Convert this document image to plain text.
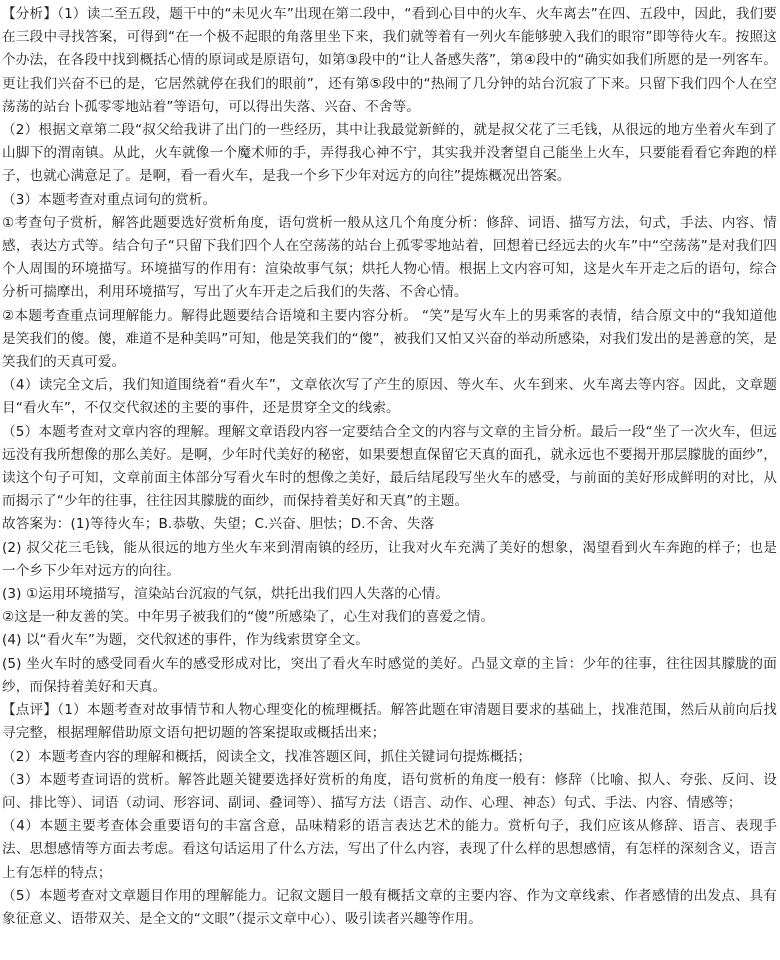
【分析】（1）读二至五段，题干中的“未见火车”出现在第二段中，“看到心目中的火车、火车离去”在四、五段中，因此，我们要在三段中寻找答案，可得到“在一个极不起眼的角落里坐下来，我们就等着有一列火车能够驶入我们的眼帘”即等待火车。按照这个办法，在各段中找到概括心情的原词或是原语句，如第③段中的“让人备感失落”，第④段中的“确实如我们所愿的是一列客车。更让我们兴奋不已的是，它居然就停在我们的眼前”，还有第⑤段中的“热闹了几分钟的站台沉寂了下来。只留下我们四个人在空荡荡的站台卜孤零零地站着”等语句，可以得出失落、兴奋、不舍等。

（2）根据文章第二段“叔父给我讲了出门的一些经历，其中让我最觉新鲜的，就是叔父花了三毛钱，从很远的地方坐着火车到了山脚下的渭南镇。从此，火车就像一个魔术师的手，弄得我心神不宁，其实我并没奢望自己能坐上火车，只要能看看它奔跑的样子，也就心满意足了。是啊，看一看火车，是我一个乡下少年对远方的向往”提炼概况出答案。

（3）本题考查对重点词句的赏析。

①考查句子赏析，解答此题要选好赏析角度，语句赏析一般从这几个角度分析：修辞、词语、描写方法，句式，手法、内容、情感，表达方式等。结合句子“只留下我们四个人在空荡荡的站台上孤零零地站着，回想着已经远去的火车”中“空荡荡”是对我们四个人周围的环境描写。环境描写的作用有：渲染故事气氛；烘托人物心情。根据上文内容可知，这是火车开走之后的语句，综合分析可揣摩出，利用环境描写，写出了火车开走之后我们的失落、不舍心情。

②本题考查重点词理解能力。解得此题要结合语境和主要内容分析。 “笑”是写火车上的男乘客的表情，结合原文中的“我知道他是笑我们的傻。傻，难道不是种美吗”可知，他是笑我们的“傻”，被我们又怕又兴奋的举动所感染，对我们发出的是善意的笑，是笑我们的天真可爱。

（4）读完全文后，我们知道围绕着“看火车”，文章依次写了产生的原因、等火车、火车到来、火车离去等内容。因此，文章题目“看火车”，不仅交代叙述的主要的事件，还是贯穿全文的线索。

（5）本题考查对文章内容的理解。理解文章语段内容一定要结合全文的内容与文章的主旨分析。最后一段“坐了一次火车，但远远没有我所想像的那么美好。是啊，少年时代美好的秘密，如果要想直保留它天真的面孔，就永远也不要揭开那层朦胧的面纱”，读这个句子可知，文章前面主体部分写看火车时的想像之美好，最后结尾段写坐火车的感受，与前面的美好形成鲜明的对比，从而揭示了“少年的往事，往往因其朦胧的面纱，而保持着美好和天真”的主题。

故答案为：(1)等待火车；B.恭敬、失望；C.兴奋、胆怯；D.不舍、失落

(2) 叔父花三毛钱，能从很远的地方坐火车来到渭南镇的经历，让我对火车充满了美好的想象，渴望看到火车奔跑的样子；也是一个乡下少年对远方的向往。

(3) ①运用环境描写，渲染站台沉寂的气氛，烘托出我们四人失落的心情。

②这是一种友善的笑。中年男子被我们的“傻”所感染了，心生对我们的喜爱之情。

(4) 以“看火车”为题，交代叙述的事件，作为线索贯穿全文。

(5) 坐火车时的感受同看火车的感受形成对比，突出了看火车时感觉的美好。凸显文章的主旨：少年的往事，往往因其朦胧的面纱，而保持着美好和天真。

【点评】（1）本题考查对故事情节和人物心理变化的梳理概括。解答此题在审清题目要求的基础上，找准范围，然后从前向后找寻完整，根据理解借助原文语句把切题的答案提取或概括出来；

（2）本题考查内容的理解和概括，阅读全文，找准答题区间，抓住关键词句提炼概括；

（3）本题考查词语的赏析。解答此题关键要选择好赏析的角度，语句赏析的角度一般有：修辞（比喻、拟人、夸张、反问、设问、排比等）、词语（动词、形容词、副词、叠词等）、描写方法（语言、动作、心理、神态）句式、手法、内容、情感等；

（4）本题主要考查体会重要语句的丰富含意，品味精彩的语言表达艺术的能力。赏析句子，我们应该从修辞、语言、表现手法、思想感情等方面去考虑。看这句话运用了什么方法，写出了什么内容，表现了什么样的思想感情，有怎样的深刻含义，语言上有怎样的特点；

（5）本题考查对文章题目作用的理解能力。记叙文题目一般有概括文章的主要内容、作为文章线索、作者感情的出发点、具有象征意义、语带双关、是全文的“文眼”（提示文章中心）、吸引读者兴趣等作用。
